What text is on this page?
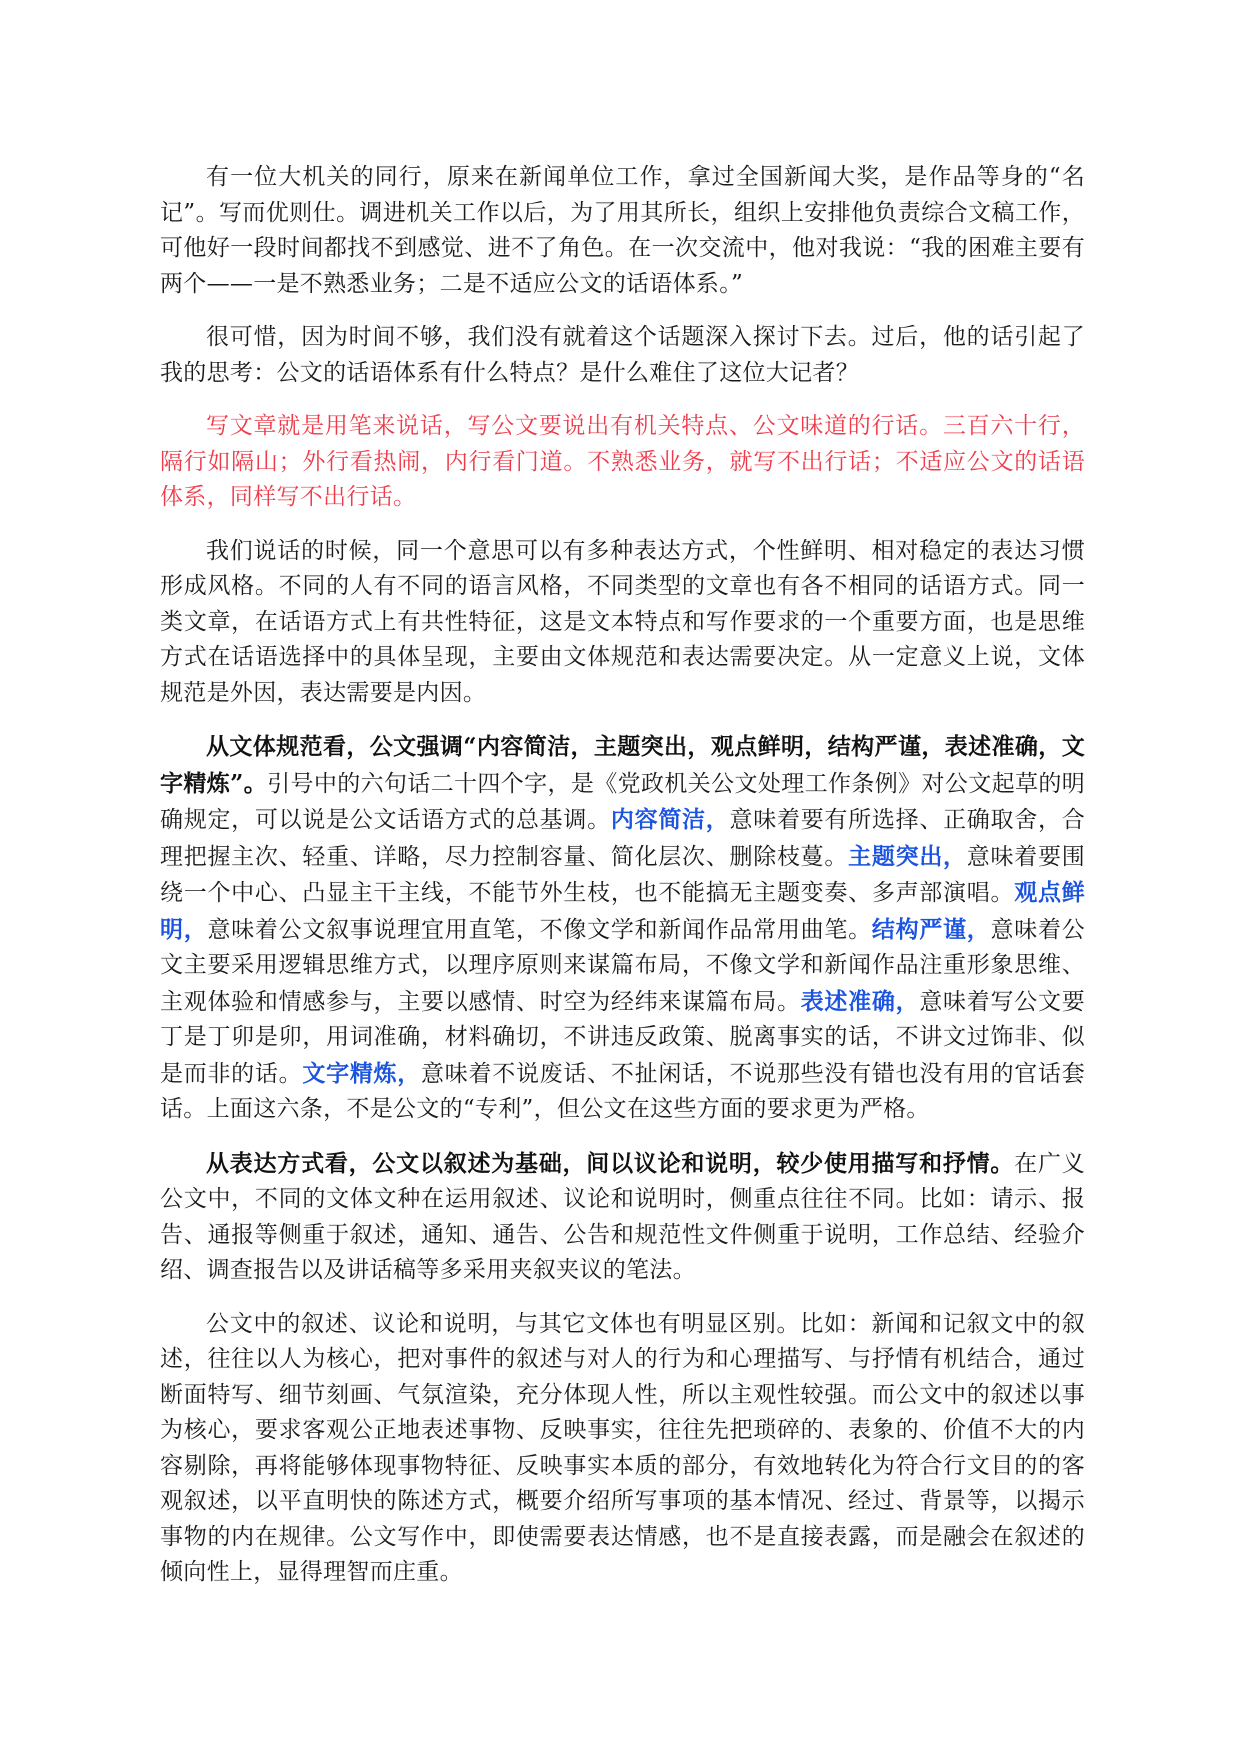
有一位大机关的同行，原来在新闻单位工作，拿过全国新闻大奖，是作品等身的“名记”。写而优则仕。调进机关工作以后，为了用其所长，组织上安排他负责综合文稿工作，可他好一段时间都找不到感觉、进不了角色。在一次交流中，他对我说：“我的困难主要有两个——一是不熟悉业务；二是不适应公文的话语体系。”

很可惜，因为时间不够，我们没有就着这个话题深入探讨下去。过后，他的话引起了我的思考：公文的话语体系有什么特点？是什么难住了这位大记者？

写文章就是用笔来说话，写公文要说出有机关特点、公文味道的行话。三百六十行，隔行如隔山；外行看热闹，内行看门道。不熟悉业务，就写不出行话；不适应公文的话语体系，同样写不出行话。

我们说话的时候，同一个意思可以有多种表达方式，个性鲜明、相对稳定的表达习惯形成风格。不同的人有不同的语言风格，不同类型的文章也有各不相同的话语方式。同一类文章，在话语方式上有共性特征，这是文本特点和写作要求的一个重要方面，也是思维方式在话语选择中的具体呈现，主要由文体规范和表达需要决定。从一定意义上说，文体规范是外因，表达需要是内因。

从文体规范看，公文强调“内容简洁，主题突出，观点鲜明，结构严谨，表述准确，文字精炼”。引号中的六句话二十四个字，是《党政机关公文处理工作条例》对公文起草的明确规定，可以说是公文话语方式的总基调。内容简洁，意味着要有所选择、正确取舍，合理把握主次、轻重、详略，尽力控制容量、简化层次、删除枝蔓。主题突出，意味着要围绕一个中心、凸显主干主线，不能节外生枝，也不能搞无主题变奏、多声部演唱。观点鲜明，意味着公文叙事说理宜用直笔，不像文学和新闻作品常用曲笔。结构严谨，意味着公文主要采用逻辑思维方式，以理序原则来谋篇布局，不像文学和新闻作品注重形象思维、主观体验和情感参与，主要以感情、时空为经纬来谋篇布局。表述准确，意味着写公文要丁是丁卯是卯，用词准确，材料确切，不讲违反政策、脱离事实的话，不讲文过饰非、似是而非的话。文字精炼，意味着不说废话、不扯闲话，不说那些没有错也没有用的官话套话。上面这六条，不是公文的“专利”，但公文在这些方面的要求更为严格。

从表达方式看，公文以叙述为基础，间以议论和说明，较少使用描写和抒情。在广义公文中，不同的文体文种在运用叙述、议论和说明时，侧重点往往不同。比如：请示、报告、通报等侧重于叙述，通知、通告、公告和规范性文件侧重于说明，工作总结、经验介绍、调查报告以及讲话稿等多采用夹叙夹议的笔法。

公文中的叙述、议论和说明，与其它文体也有明显区别。比如：新闻和记叙文中的叙述，往往以人为核心，把对事件的叙述与对人的行为和心理描写、与抒情有机结合，通过断面特写、细节刻画、气氛渲染，充分体现人性，所以主观性较强。而公文中的叙述以事为核心，要求客观公正地表述事物、反映事实，往往先把琐碎的、表象的、价值不大的内容剔除，再将能够体现事物特征、反映事实本质的部分，有效地转化为符合行文目的的客观叙述，以平直明快的陈述方式，概要介绍所写事项的基本情况、经过、背景等，以揭示事物的内在规律。公文写作中，即使需要表达情感，也不是直接表露，而是融会在叙述的倾向性上，显得理智而庄重。
